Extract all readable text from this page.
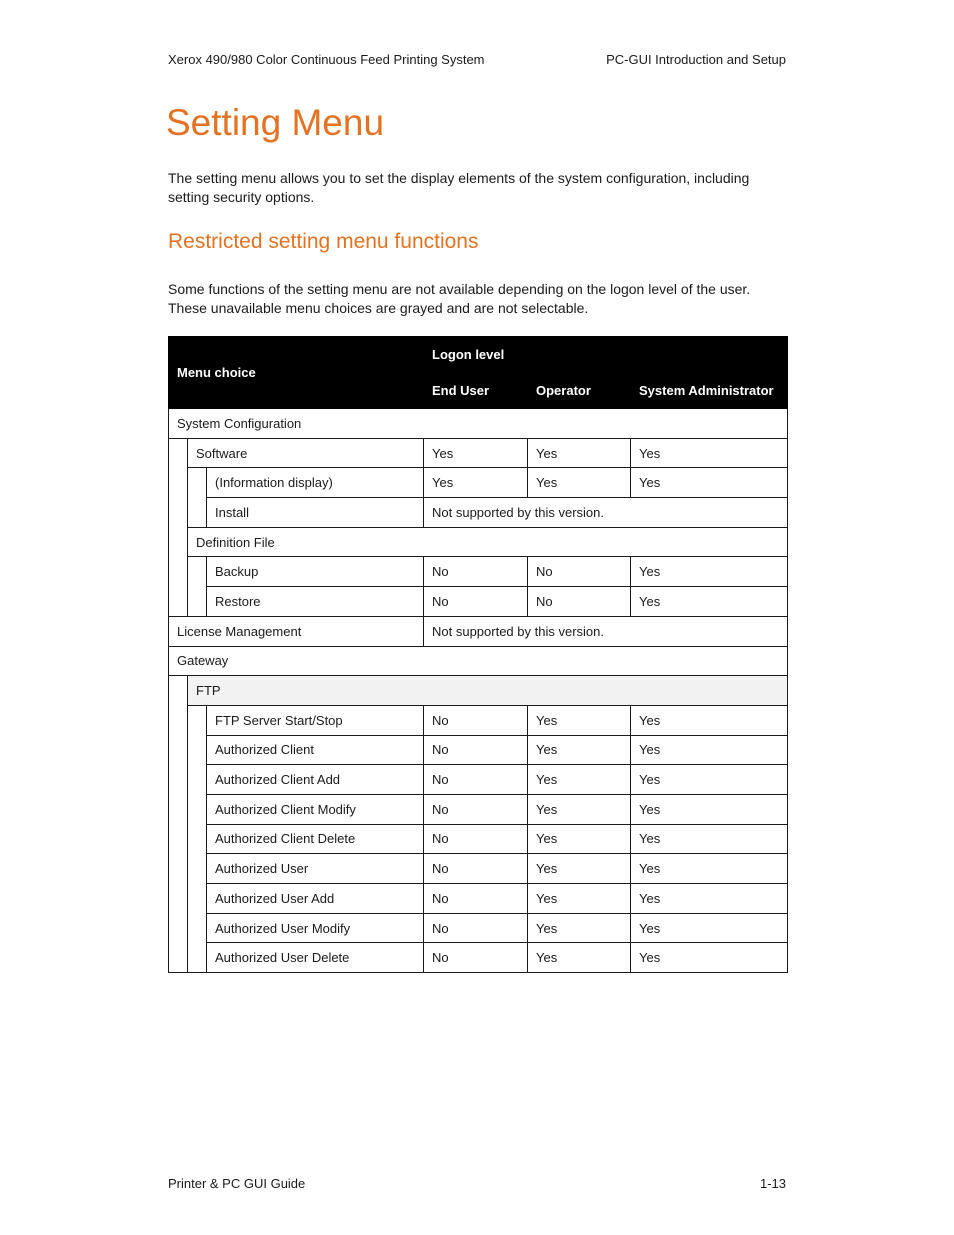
Xerox 490/980 Color Continuous Feed Printing System	PC-GUI Introduction and Setup
Setting Menu

The setting menu allows you to set the display elements of the system configuration, including setting security options.

Restricted setting menu functions

Some functions of the setting menu are not available depending on the logon level of the user. These unavailable menu choices are grayed and are not selectable.

Menu choice			Logon level		
			End User	Operator	System Administrator
System Configuration					
	Software		Yes	Yes	Yes
		(Information display)	Yes	Yes	Yes
		Install	Not supported by this version.		
	Definition File				
		Backup	No	No	Yes
		Restore	No	No	Yes
License Management			Not supported by this version.		
Gateway					
	FTP				
		FTP Server Start/Stop	No	Yes	Yes
		Authorized Client	No	Yes	Yes
		Authorized Client Add	No	Yes	Yes
		Authorized Client Modify	No	Yes	Yes
		Authorized Client Delete	No	Yes	Yes
		Authorized User	No	Yes	Yes
		Authorized User Add	No	Yes	Yes
		Authorized User Modify	No	Yes	Yes
		Authorized User Delete	No	Yes	Yes
Printer & PC GUI Guide	1-13
